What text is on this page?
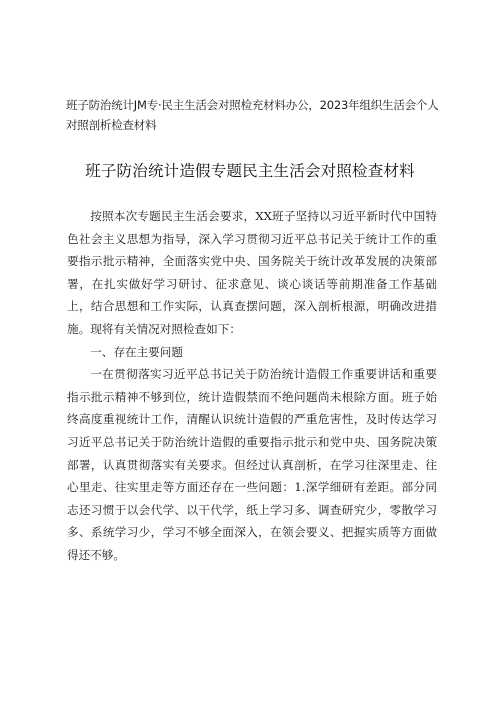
班子防治统计JM专·民主生活会对照检充材料办公，2023年组织生活会个人对照剖析检查材料
班子防治统计造假专题民主生活会对照检查材料

按照本次专题民主生活会要求，XX班子坚持以习近平新时代中国特色社会主义思想为指导，深入学习贯彻习近平总书记关于统计工作的重要指示批示精神，全面落实党中央、国务院关于统计改革发展的决策部署，在扎实做好学习研讨、征求意见、谈心谈话等前期准备工作基础上，结合思想和工作实际，认真查摆问题，深入剖析根源，明确改进措施。现将有关情况对照检查如下：

一、存在主要问题

一在贯彻落实习近平总书记关于防治统计造假工作重要讲话和重要指示批示精神不够到位，统计造假禁而不绝问题尚未根除方面。班子始终高度重视统计工作，清醒认识统计造假的严重危害性，及时传达学习习近平总书记关于防治统计造假的重要指示批示和党中央、国务院决策部署，认真贯彻落实有关要求。但经过认真剖析，在学习往深里走、往心里走、往实里走等方面还存在一些问题：1.深学细研有差距。部分同志还习惯于以会代学、以干代学，纸上学习多、调查研究少，零散学习多、系统学习少，学习不够全面深入，在领会要义、把握实质等方面做得还不够。
